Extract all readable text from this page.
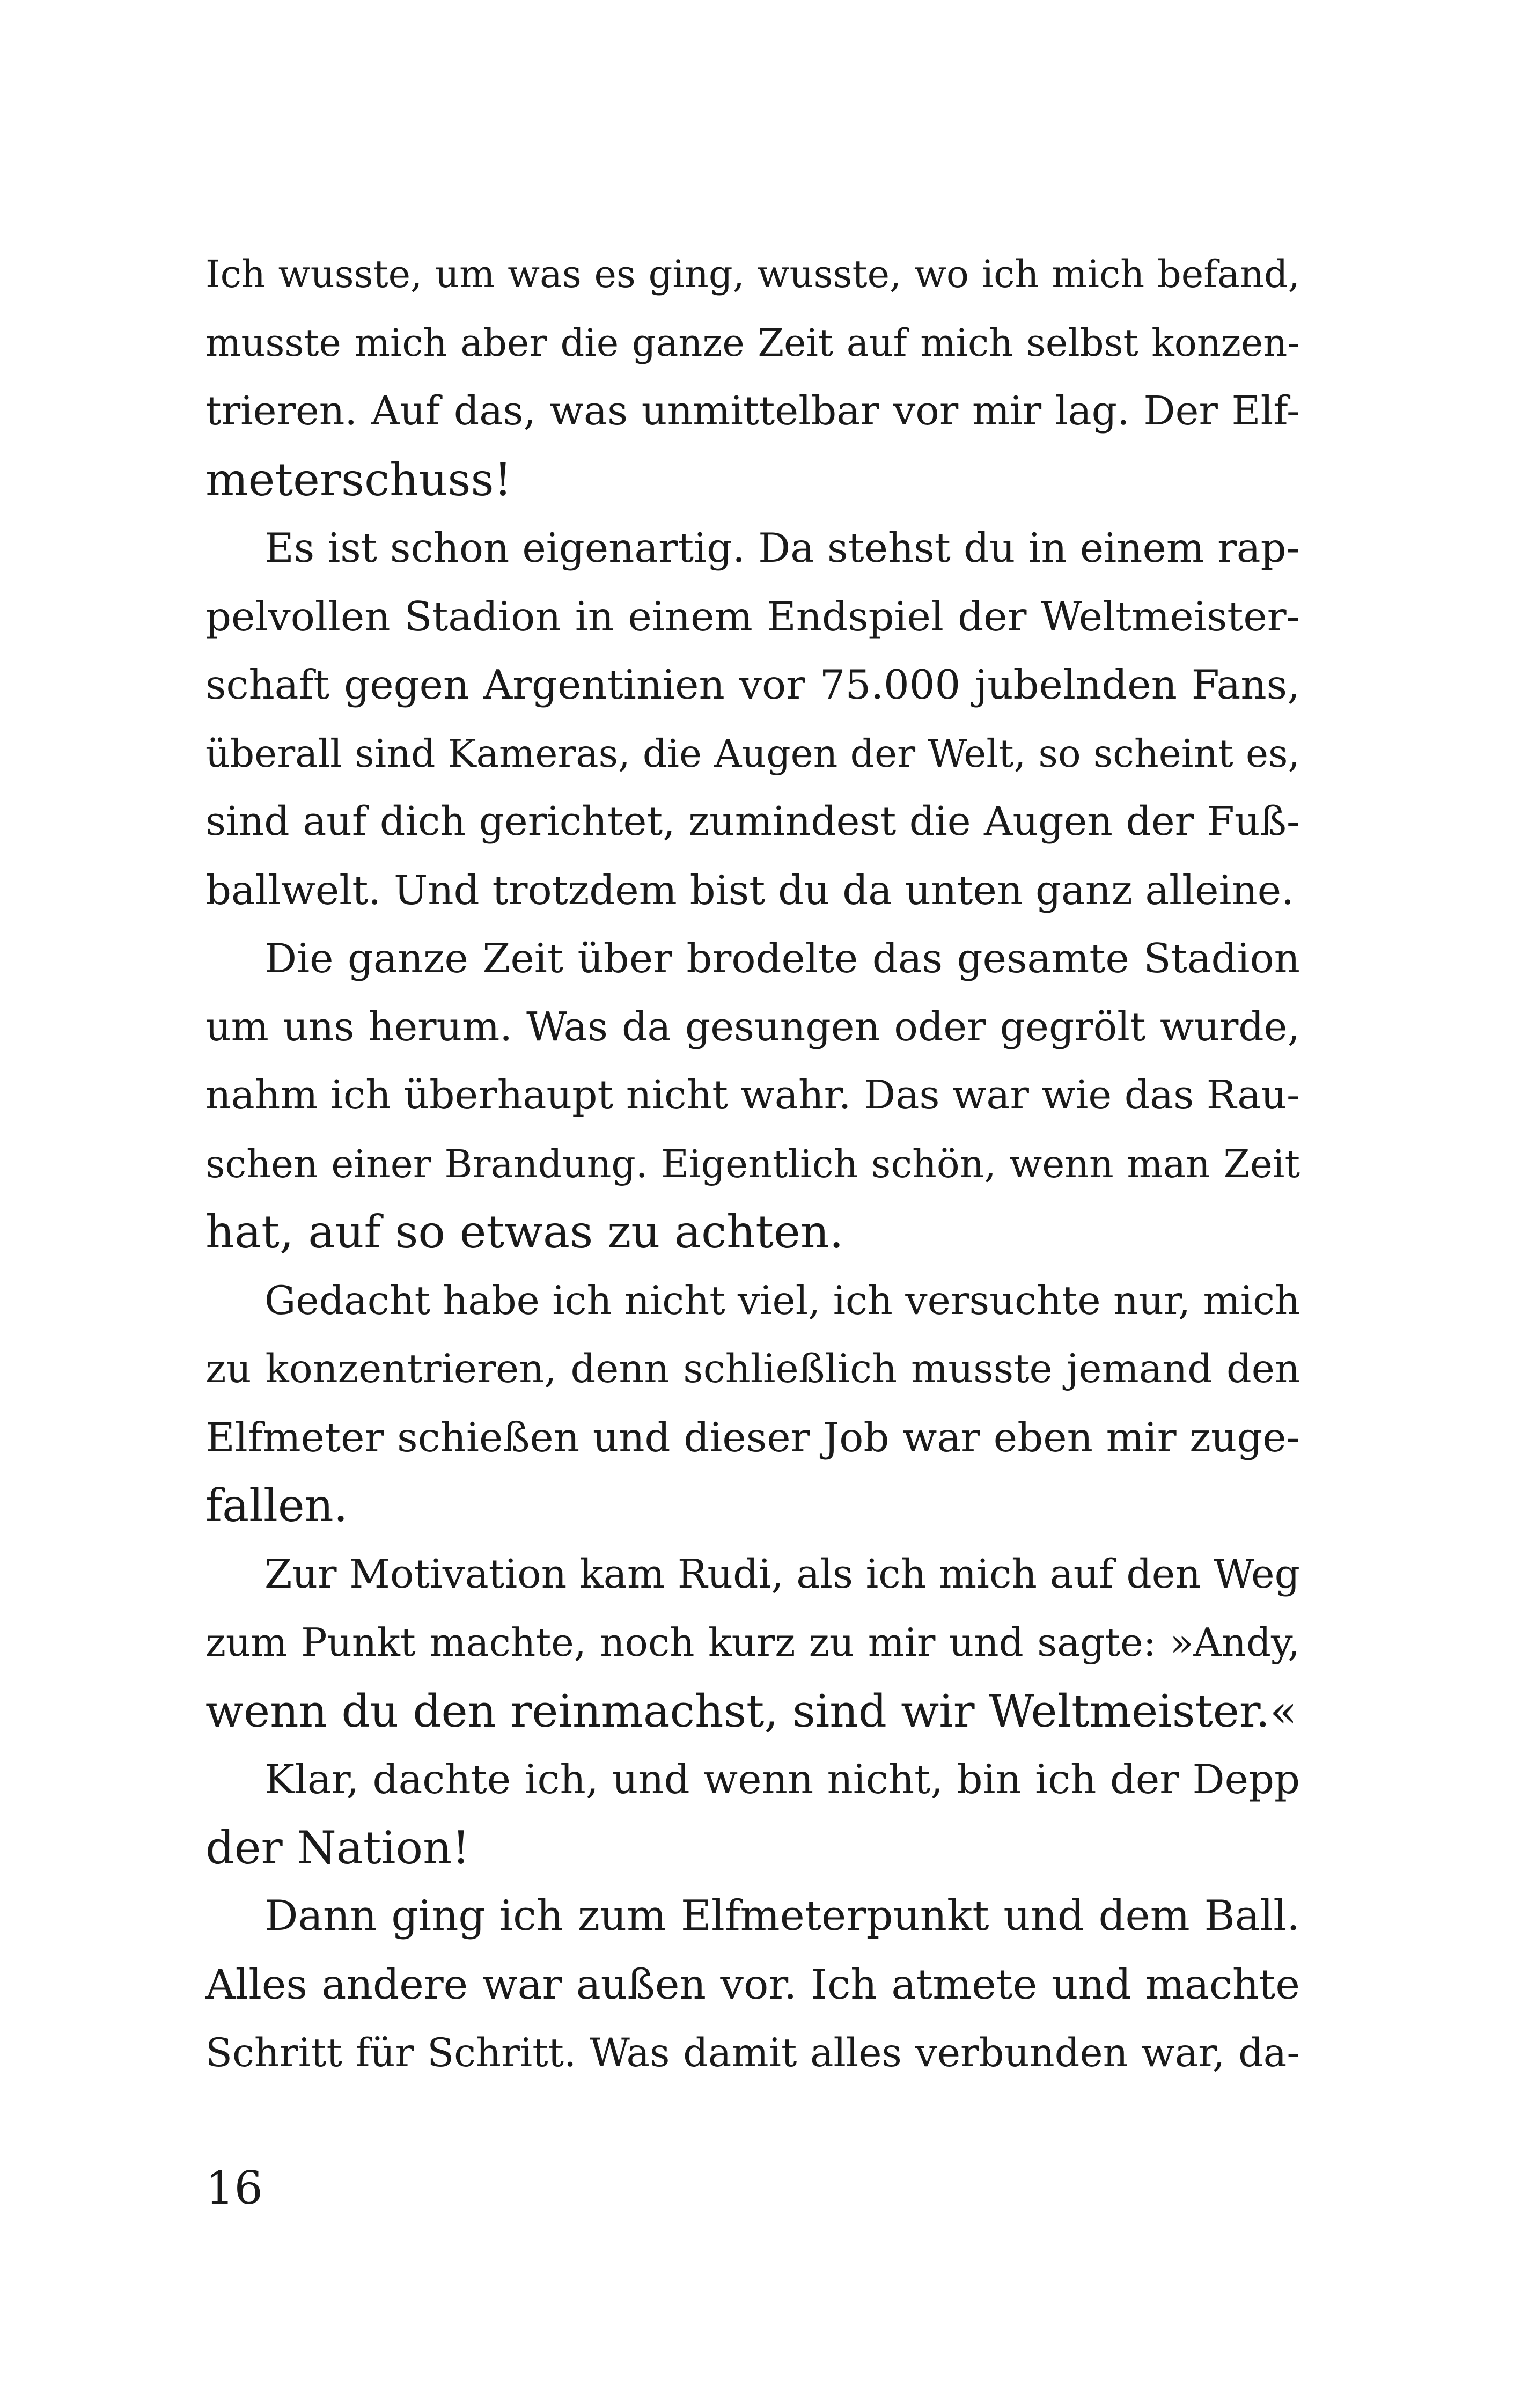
Ich wusste, um was es ging, wusste, wo ich mich befand,
musste mich aber die ganze Zeit auf mich selbst konzen-
trieren. Auf das, was unmittelbar vor mir lag. Der Elf-
meterschuss!
Es ist schon eigenartig. Da stehst du in einem rap-
pelvollen Stadion in einem Endspiel der Weltmeister-
schaft gegen Argentinien vor 75.000 jubelnden Fans,
überall sind Kameras, die Augen der Welt, so scheint es,
sind auf dich gerichtet, zumindest die Augen der Fuß-
ballwelt. Und trotzdem bist du da unten ganz alleine.
Die ganze Zeit über brodelte das gesamte Stadion
um uns herum. Was da gesungen oder gegrölt wurde,
nahm ich überhaupt nicht wahr. Das war wie das Rau-
schen einer Brandung. Eigentlich schön, wenn man Zeit
hat, auf so etwas zu achten.
Gedacht habe ich nicht viel, ich versuchte nur, mich
zu konzentrieren, denn schließlich musste jemand den
Elfmeter schießen und dieser Job war eben mir zuge-
fallen.
Zur Motivation kam Rudi, als ich mich auf den Weg
zum Punkt machte, noch kurz zu mir und sagte: »Andy,
wenn du den reinmachst, sind wir Weltmeister.«
Klar, dachte ich, und wenn nicht, bin ich der Depp
der Nation!
Dann ging ich zum Elfmeterpunkt und dem Ball.
Alles andere war außen vor. Ich atmete und machte
Schritt für Schritt. Was damit alles verbunden war, da-
16
